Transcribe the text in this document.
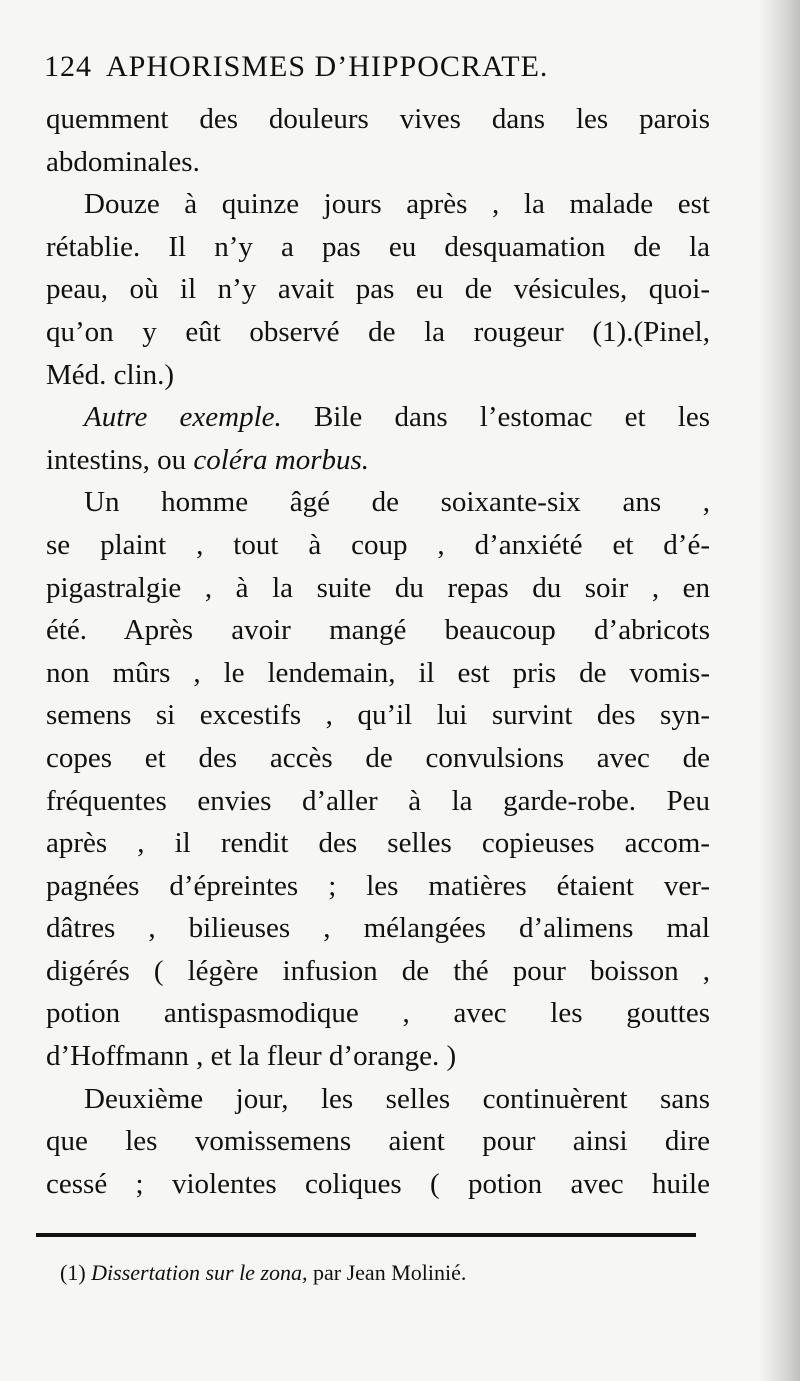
124 APHORISMES D’HIPPOCRATE.
quemment des douleurs vives dans les parois
abdominales.
Douze à quinze jours après , la malade est
rétablie. Il n’y a pas eu desquamation de la
peau, où il n’y avait pas eu de vésicules, quoi-
qu’on y eût observé de la rougeur (1).(Pinel,
Méd. clin.)
Autre exemple. Bile dans l’estomac et les
intestins, ou coléra morbus.
Un homme âgé de soixante-six ans ,
se plaint , tout à coup , d’anxiété et d’é-
pigastralgie , à la suite du repas du soir , en
été. Après avoir mangé beaucoup d’abricots
non mûrs , le lendemain, il est pris de vomis-
semens si excestifs , qu’il lui survint des syn-
copes et des accès de convulsions avec de
fréquentes envies d’aller à la garde-robe. Peu
après , il rendit des selles copieuses accom-
pagnées d’épreintes ; les matières étaient ver-
dâtres , bilieuses , mélangées d’alimens mal
digérés ( légère infusion de thé pour boisson ,
potion antispasmodique , avec les gouttes
d’Hoffmann , et la fleur d’orange. )
Deuxième jour, les selles continuèrent sans
que les vomissemens aient pour ainsi dire
cessé ; violentes coliques ( potion avec huile
(1) Dissertation sur le zona, par Jean Molinié.
